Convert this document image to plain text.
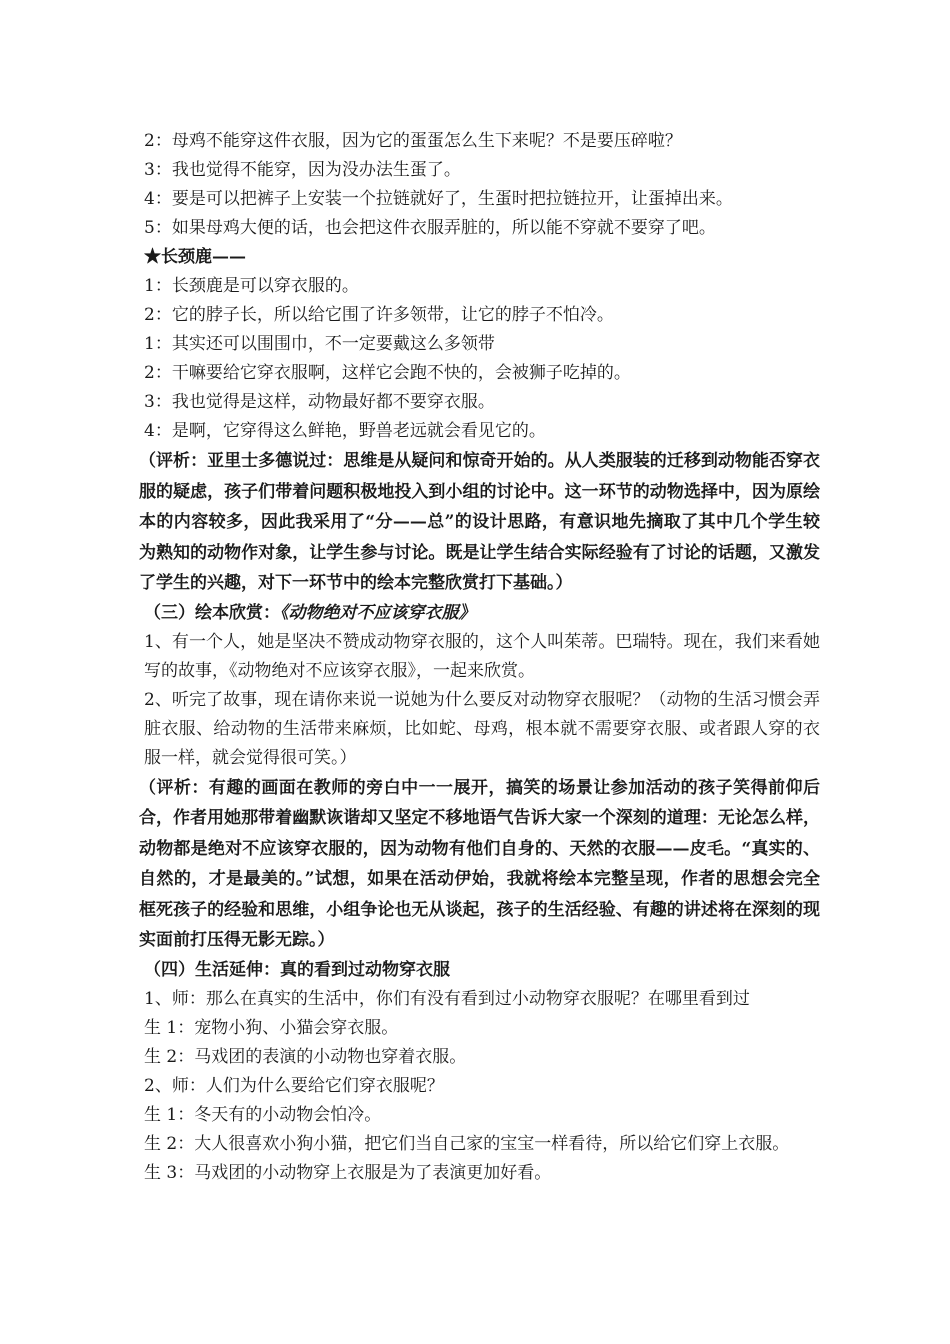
2：母鸡不能穿这件衣服，因为它的蛋蛋怎么生下来呢？不是要压碎啦？
3：我也觉得不能穿，因为没办法生蛋了。
4：要是可以把裤子上安装一个拉链就好了，生蛋时把拉链拉开，让蛋掉出来。
5：如果母鸡大便的话，也会把这件衣服弄脏的，所以能不穿就不要穿了吧。
★长颈鹿——
1：长颈鹿是可以穿衣服的。
2：它的脖子长，所以给它围了许多领带，让它的脖子不怕冷。
1：其实还可以围围巾，不一定要戴这么多领带
2：干嘛要给它穿衣服啊，这样它会跑不快的，会被狮子吃掉的。
3：我也觉得是这样，动物最好都不要穿衣服。
4：是啊，它穿得这么鲜艳，野兽老远就会看见它的。
（评析：亚里士多德说过：思维是从疑问和惊奇开始的。从人类服装的迁移到动物能否穿衣服的疑虑，孩子们带着问题积极地投入到小组的讨论中。这一环节的动物选择中，因为原绘本的内容较多，因此我采用了“分——总”的设计思路，有意识地先摘取了其中几个学生较为熟知的动物作对象，让学生参与讨论。既是让学生结合实际经验有了讨论的话题，又激发了学生的兴趣，对下一环节中的绘本完整欣赏打下基础。）
（三）绘本欣赏：《动物绝对不应该穿衣服》
1、有一个人，她是坚决不赞成动物穿衣服的，这个人叫茱蒂。巴瑞特。现在，我们来看她写的故事，《动物绝对不应该穿衣服》，一起来欣赏。
2、听完了故事，现在请你来说一说她为什么要反对动物穿衣服呢？（动物的生活习惯会弄脏衣服、给动物的生活带来麻烦，比如蛇、母鸡，根本就不需要穿衣服、或者跟人穿的衣服一样，就会觉得很可笑。）
（评析：有趣的画面在教师的旁白中一一展开，搞笑的场景让参加活动的孩子笑得前仰后合，作者用她那带着幽默诙谐却又坚定不移地语气告诉大家一个深刻的道理：无论怎么样，动物都是绝对不应该穿衣服的，因为动物有他们自身的、天然的衣服——皮毛。“真实的、自然的，才是最美的。”试想，如果在活动伊始，我就将绘本完整呈现，作者的思想会完全框死孩子的经验和思维，小组争论也无从谈起，孩子的生活经验、有趣的讲述将在深刻的现实面前打压得无影无踪。）
（四）生活延伸：真的看到过动物穿衣服
1、师：那么在真实的生活中，你们有没有看到过小动物穿衣服呢？在哪里看到过
生 1：宠物小狗、小猫会穿衣服。
生 2：马戏团的表演的小动物也穿着衣服。
2、师：人们为什么要给它们穿衣服呢？
生 1：冬天有的小动物会怕冷。
生 2：大人很喜欢小狗小猫，把它们当自己家的宝宝一样看待，所以给它们穿上衣服。
生 3：马戏团的小动物穿上衣服是为了表演更加好看。
